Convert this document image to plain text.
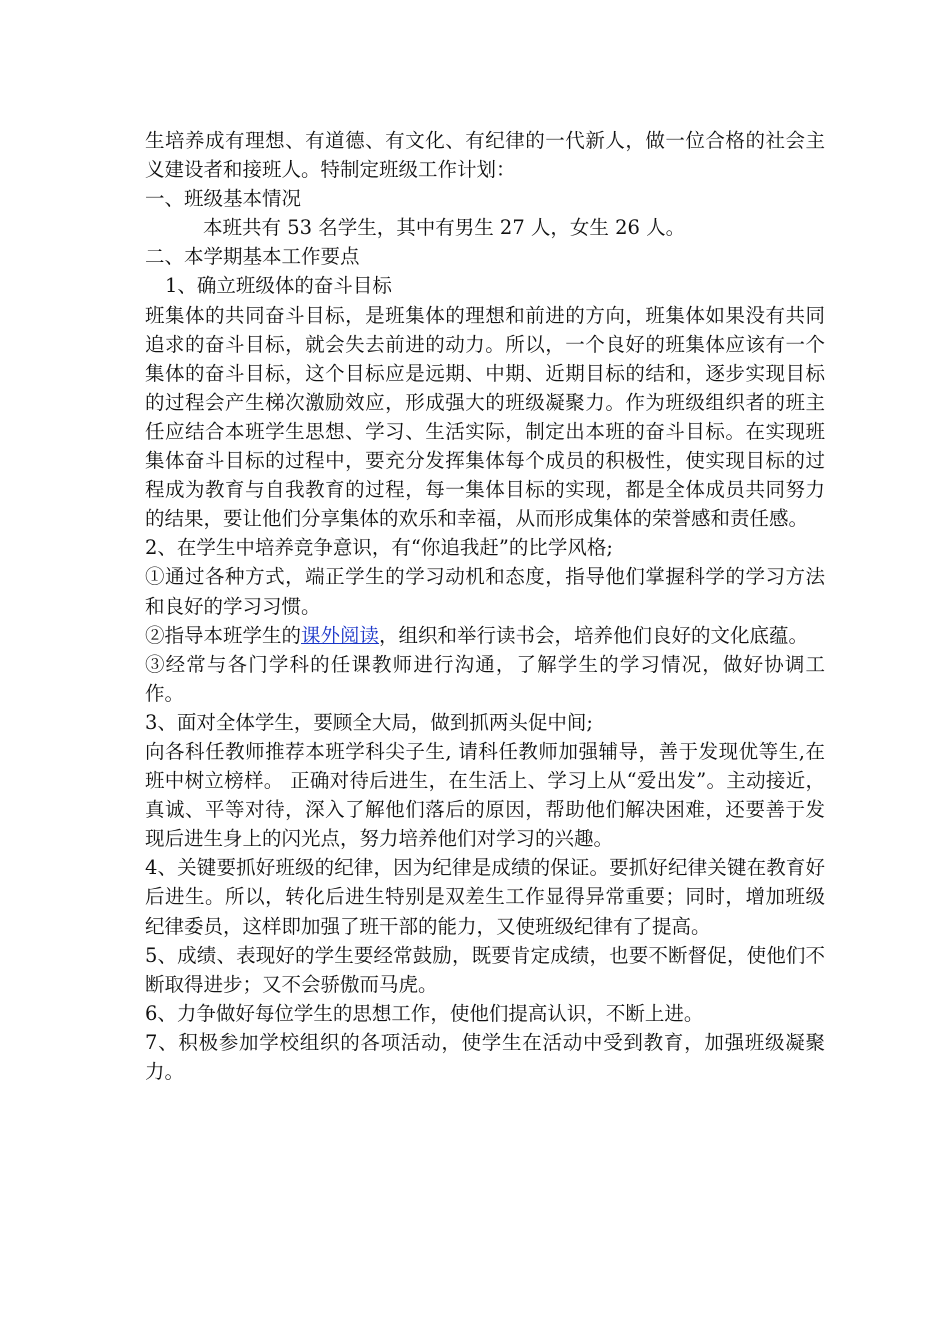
生培养成有理想、有道德、有文化、有纪律的一代新人，做一位合格的社会主义建设者和接班人。特制定班级工作计划：

一、班级基本情况

本班共有 53 名学生，其中有男生 27 人，女生 26 人。

二、本学期基本工作要点

1、确立班级体的奋斗目标

班集体的共同奋斗目标，是班集体的理想和前进的方向，班集体如果没有共同追求的奋斗目标，就会失去前进的动力。所以，一个良好的班集体应该有一个集体的奋斗目标，这个目标应是远期、中期、近期目标的结和，逐步实现目标的过程会产生梯次激励效应，形成强大的班级凝聚力。作为班级组织者的班主任应结合本班学生思想、学习、生活实际，制定出本班的奋斗目标。在实现班集体奋斗目标的过程中，要充分发挥集体每个成员的积极性，使实现目标的过程成为教育与自我教育的过程，每一集体目标的实现，都是全体成员共同努力的结果，要让他们分享集体的欢乐和幸福，从而形成集体的荣誉感和责任感。

2、在学生中培养竞争意识，有“你追我赶”的比学风格;

①通过各种方式，端正学生的学习动机和态度，指导他们掌握科学的学习方法和良好的学习习惯。

②指导本班学生的课外阅读，组织和举行读书会，培养他们良好的文化底蕴。

③经常与各门学科的任课教师进行沟通，了解学生的学习情况，做好协调工作。

3、面对全体学生，要顾全大局，做到抓两头促中间;

向各科任教师推荐本班学科尖子生, 请科任教师加强辅导，善于发现优等生,在班中树立榜样。 正确对待后进生，在生活上、学习上从“爱出发”。主动接近，真诚、平等对待，深入了解他们落后的原因，帮助他们解决困难，还要善于发现后进生身上的闪光点，努力培养他们对学习的兴趣。

4、关键要抓好班级的纪律，因为纪律是成绩的保证。要抓好纪律关键在教育好后进生。所以，转化后进生特别是双差生工作显得异常重要；同时，增加班级纪律委员，这样即加强了班干部的能力，又使班级纪律有了提高。

5、成绩、表现好的学生要经常鼓励，既要肯定成绩，也要不断督促，使他们不断取得进步；又不会骄傲而马虎。

6、力争做好每位学生的思想工作，使他们提高认识，不断上进。

7、积极参加学校组织的各项活动，使学生在活动中受到教育，加强班级凝聚力。
